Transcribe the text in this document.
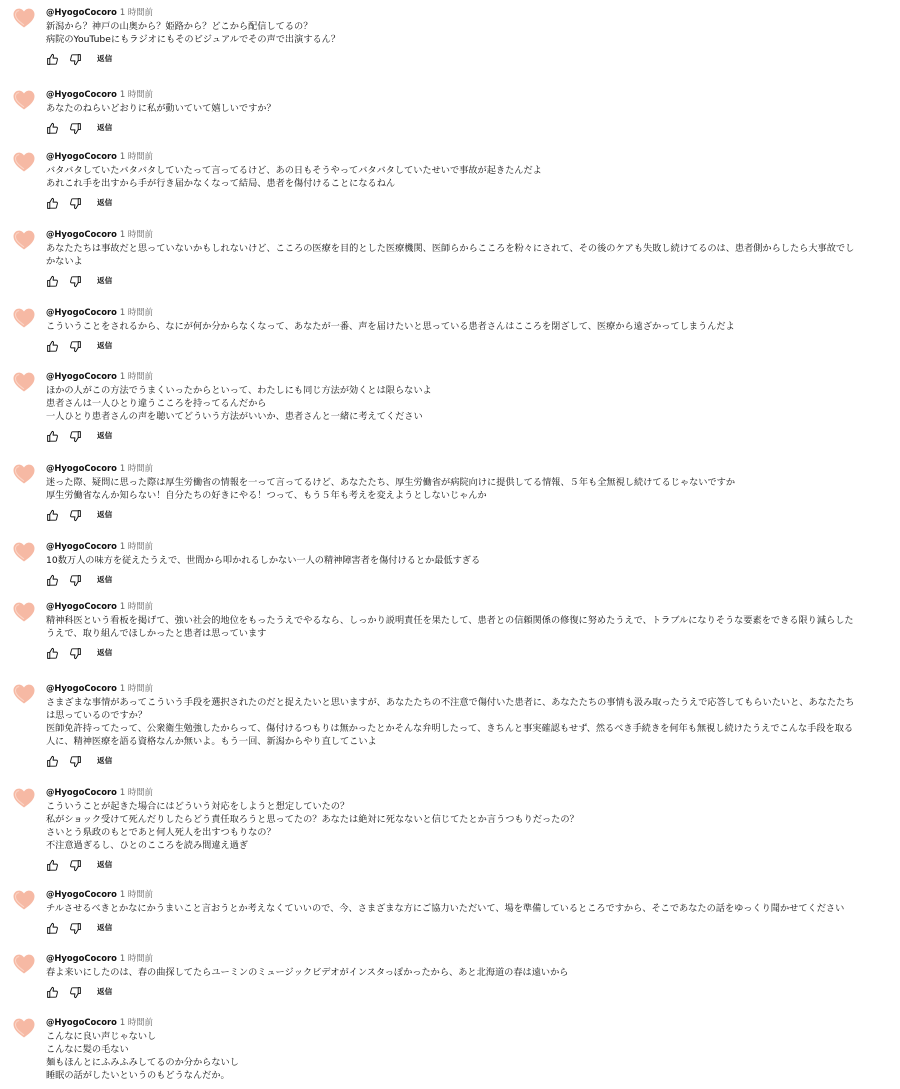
@HyogoCocoro 1 時間前
新潟から？神戸の山奥から？姫路から？どこから配信してるの？
病院のYouTubeにもラジオにもそのビジュアルでその声で出演するん？
返信
@HyogoCocoro 1 時間前
あなたのねらいどおりに私が動いていて嬉しいですか？
返信
@HyogoCocoro 1 時間前
バタバタしていたバタバタしていたって言ってるけど、あの日もそうやってバタバタしていたせいで事故が起きたんだよ
あれこれ手を出すから手が行き届かなくなって結局、患者を傷付けることになるねん
返信
@HyogoCocoro 1 時間前
あなたたちは事故だと思っていないかもしれないけど、こころの医療を目的とした医療機関、医師らからこころを粉々にされて、その後のケアも失敗し続けてるのは、患者側からしたら大事故でし
かないよ
返信
@HyogoCocoro 1 時間前
こういうことをされるから、なにが何か分からなくなって、あなたが一番、声を届けたいと思っている患者さんはこころを閉ざして、医療から遠ざかってしまうんだよ
返信
@HyogoCocoro 1 時間前
ほかの人がこの方法でうまくいったからといって、わたしにも同じ方法が効くとは限らないよ
患者さんは一人ひとり違うこころを持ってるんだから
一人ひとり患者さんの声を聴いてどういう方法がいいか、患者さんと一緒に考えてください
返信
@HyogoCocoro 1 時間前
迷った際、疑問に思った際は厚生労働省の情報を一って言ってるけど、あなたたち、厚生労働省が病院向けに提供してる情報、５年も全無視し続けてるじゃないですか
厚生労働省なんか知らない！自分たちの好きにやる！つって、もう５年も考えを変えようとしないじゃんか
返信
@HyogoCocoro 1 時間前
10数万人の味方を従えたうえで、世間から叩かれるしかない一人の精神障害者を傷付けるとか最低すぎる
返信
@HyogoCocoro 1 時間前
精神科医という看板を掲げて、強い社会的地位をもったうえでやるなら、しっかり説明責任を果たして、患者との信頼関係の修復に努めたうえで、トラブルになりそうな要素をできる限り減らした
うえで、取り組んでほしかったと患者は思っています
返信
@HyogoCocoro 1 時間前
さまざまな事情があってこういう手段を選択されたのだと捉えたいと思いますが、あなたたちの不注意で傷付いた患者に、あなたたちの事情も汲み取ったうえで応答してもらいたいと、あなたたち
は思っているのですか？
医師免許持ってたって、公衆衛生勉強したからって、傷付けるつもりは無かったとかそんな弁明したって、きちんと事実確認もせず、然るべき手続きを何年も無視し続けたうえでこんな手段を取る
人に、精神医療を語る資格なんか無いよ。もう一回、新潟からやり直してこいよ
返信
@HyogoCocoro 1 時間前
こういうことが起きた場合にはどういう対応をしようと想定していたの？
私がショック受けて死んだりしたらどう責任取ろうと思ってたの？あなたは絶対に死なないと信じてたとか言うつもりだったの？
さいとう県政のもとであと何人死人を出すつもりなの？
不注意過ぎるし、ひとのこころを読み間違え過ぎ
返信
@HyogoCocoro 1 時間前
チルさせるべきとかなにかうまいこと言おうとか考えなくていいので、今、さまざまな方にご協力いただいて、場を準備しているところですから、そこであなたの話をゆっくり聞かせてください
返信
@HyogoCocoro 1 時間前
春よ来いにしたのは、春の曲探してたらユーミンのミュージックビデオがインスタっぽかったから、あと北海道の春は遠いから
返信
@HyogoCocoro 1 時間前
こんなに良い声じゃないし
こんなに髪の毛ない
麺もほんとにふみふみしてるのか分からないし
睡眠の話がしたいというのもどうなんだか。
